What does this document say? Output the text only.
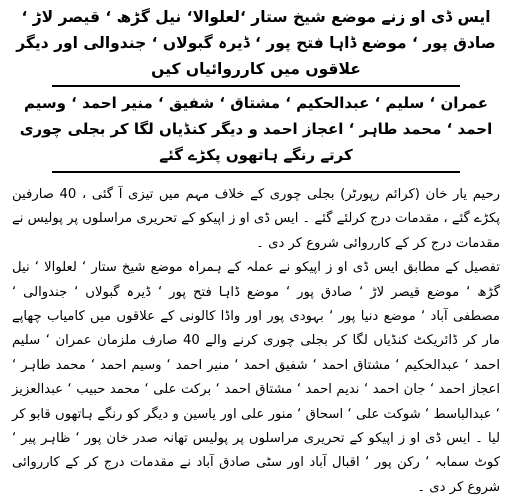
ایس ڈی او زنے موضع شیخ ستار ‘لعلوالا‘ نیل گڑھ ‘ قیصر لاڑ ‘ صادق پور ‘ موضع ڈاہا فتح پور ‘ ڈیرہ گبولاں ‘ جندوالی اور دیگر علاقوں میں کارروائیاں کیں

عمران ‘ سلیم ‘ عبدالحکیم ‘ مشتاق ‘ شفیق ‘ منیر احمد ‘ وسیم احمد ‘ محمد طاہر ‘ اعجاز احمد و دیگر کنڈیاں لگا کر بجلی چوری کرتے رنگے ہاتھوں پکڑے گئے

رحیم یار خان (کرائم رپورٹر) بجلی چوری کے خلاف مہم میں تیزی آ گئی ، 40 صارفین پکڑے گئے ، مقدمات درج کرلئے گئے ۔ ایس ڈی او ز اپیکو کے تحریری مراسلوں پر پولیس نے مقدمات درج کر کے کارروائی شروع کر دی ۔

تفصیل کے مطابق ایس ڈی او ز اپیکو نے عملہ کے ہمراہ موضع شیخ ستار ‘ لعلوالا ‘ نیل گڑھ ‘ موضع قیصر لاڑ ‘ صادق پور ‘ موضع ڈاہا فتح پور ‘ ڈیرہ گبولاں ‘ جندوالی ‘ مصطفی آباد ‘ موضع دنیا پور ‘ بہودی پور اور واڈا کالونی کے علاقوں میں کامیاب چھاپے مار کر ڈائریکٹ کنڈیاں لگا کر بجلی چوری کرنے والے 40 صارف ملزمان عمران ‘ سلیم احمد ‘ عبدالحکیم ‘ مشتاق احمد ‘ شفیق احمد ‘ منیر احمد ‘ وسیم احمد ‘ محمد طاہر ‘ اعجاز احمد ‘ جان احمد ‘ ندیم احمد ‘ مشتاق احمد ‘ برکت علی ‘ محمد حبیب ‘ عبدالعزیز ‘ عبدالباسط ‘ شوکت علی ‘ اسحاق ‘ منور علی اور یاسین و دیگر کو رنگے ہاتھوں قابو کر لیا ۔ ایس ڈی او ز اپیکو کے تحریری مراسلوں پر پولیس تھانہ صدر خان پور ‘ ظاہر پیر ‘ کوٹ سمابہ ‘ رکن پور ‘ اقبال آباد اور سٹی صادق آباد نے مقدمات درج کر کے کارروائی شروع کر دی ۔
